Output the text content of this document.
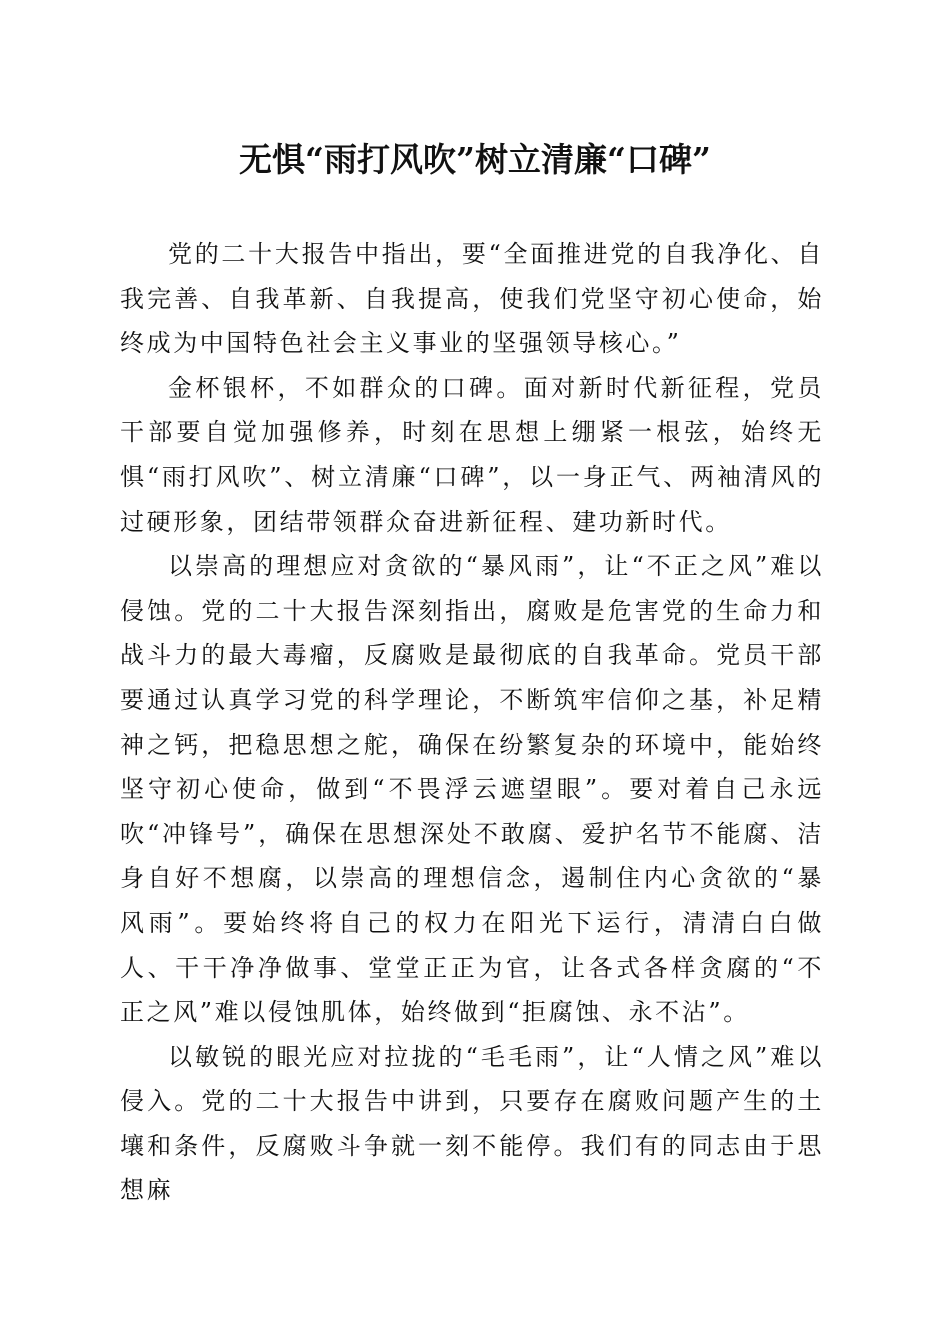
无惧“雨打风吹”树立清廉“口碑”

党的二十大报告中指出，要“全面推进党的自我净化、自我完善、自我革新、自我提高，使我们党坚守初心使命，始终成为中国特色社会主义事业的坚强领导核心。”

金杯银杯，不如群众的口碑。面对新时代新征程，党员干部要自觉加强修养，时刻在思想上绷紧一根弦，始终无惧“雨打风吹”、树立清廉“口碑”，以一身正气、两袖清风的过硬形象，团结带领群众奋进新征程、建功新时代。

以崇高的理想应对贪欲的“暴风雨”，让“不正之风”难以侵蚀。党的二十大报告深刻指出，腐败是危害党的生命力和战斗力的最大毒瘤，反腐败是最彻底的自我革命。党员干部要通过认真学习党的科学理论，不断筑牢信仰之基，补足精神之钙，把稳思想之舵，确保在纷繁复杂的环境中，能始终坚守初心使命，做到“不畏浮云遮望眼”。要对着自己永远吹“冲锋号”，确保在思想深处不敢腐、爱护名节不能腐、洁身自好不想腐，以崇高的理想信念，遏制住内心贪欲的“暴风雨”。要始终将自己的权力在阳光下运行，清清白白做人、干干净净做事、堂堂正正为官，让各式各样贪腐的“不正之风”难以侵蚀肌体，始终做到“拒腐蚀、永不沾”。

以敏锐的眼光应对拉拢的“毛毛雨”，让“人情之风”难以侵入。党的二十大报告中讲到，只要存在腐败问题产生的土壤和条件，反腐败斗争就一刻不能停。我们有的同志由于思想麻
